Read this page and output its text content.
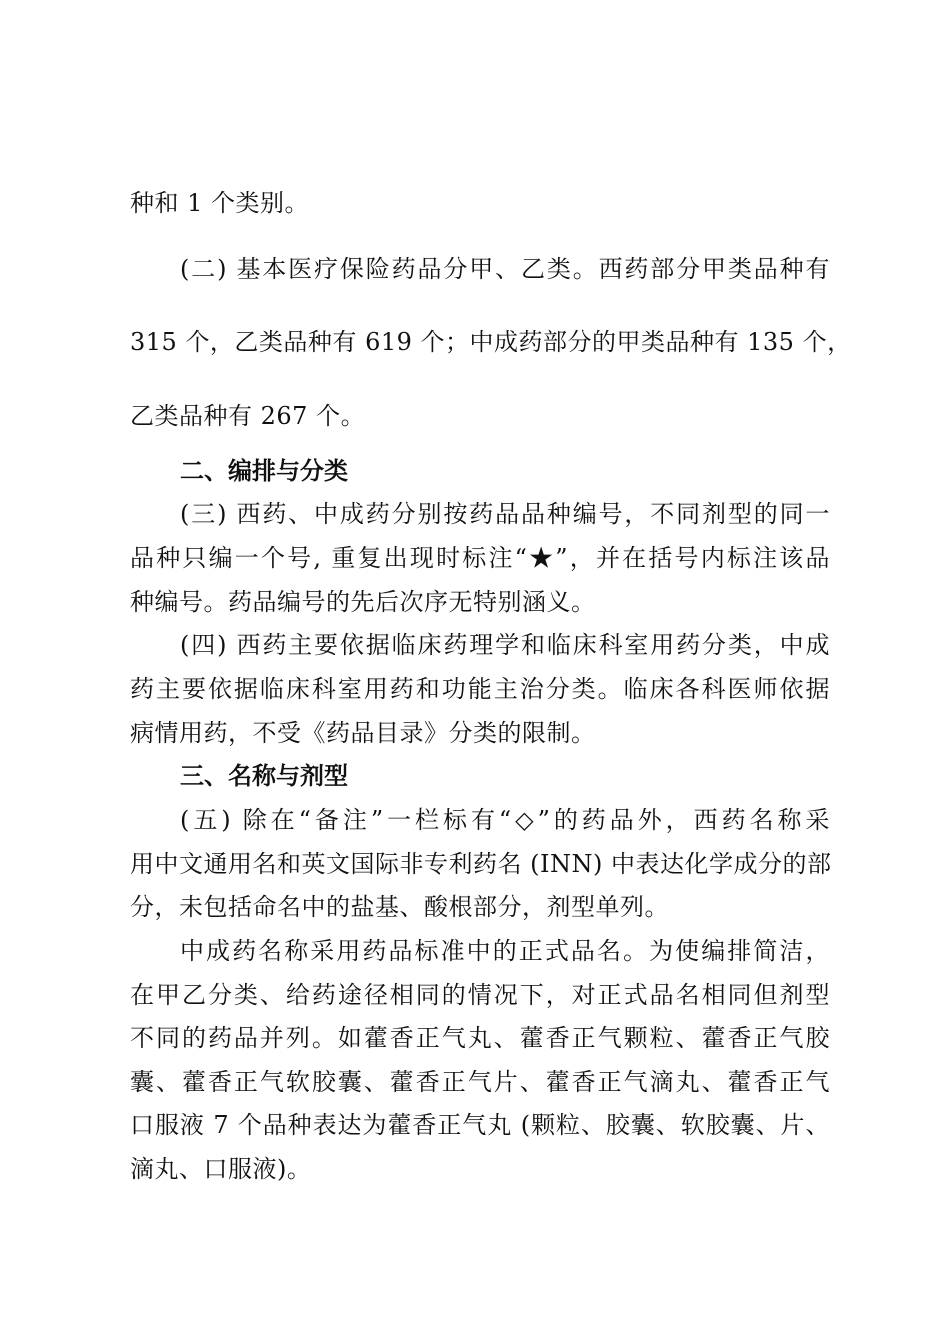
种和 1 个类别。
(二) 基本医疗保险药品分甲、乙类。西药部分甲类品种有
315 个，乙类品种有 619 个；中成药部分的甲类品种有 135 个，
乙类品种有 267 个。
二、编排与分类
(三) 西药、中成药分别按药品品种编号，不同剂型的同一
品种只编一个号, 重复出现时标注“★”，并在括号内标注该品
种编号。药品编号的先后次序无特别涵义。
(四) 西药主要依据临床药理学和临床科室用药分类，中成
药主要依据临床科室用药和功能主治分类。临床各科医师依据
病情用药，不受《药品目录》分类的限制。
三、名称与剂型
(五) 除在“备注”一栏标有“◇”的药品外，西药名称采
用中文通用名和英文国际非专利药名 (INN) 中表达化学成分的部
分，未包括命名中的盐基、酸根部分，剂型单列。
中成药名称采用药品标准中的正式品名。为使编排简洁，
在甲乙分类、给药途径相同的情况下，对正式品名相同但剂型
不同的药品并列。如藿香正气丸、藿香正气颗粒、藿香正气胶
囊、藿香正气软胶囊、藿香正气片、藿香正气滴丸、藿香正气
口服液 7 个品种表达为藿香正气丸 (颗粒、胶囊、软胶囊、片、
滴丸、口服液)。
